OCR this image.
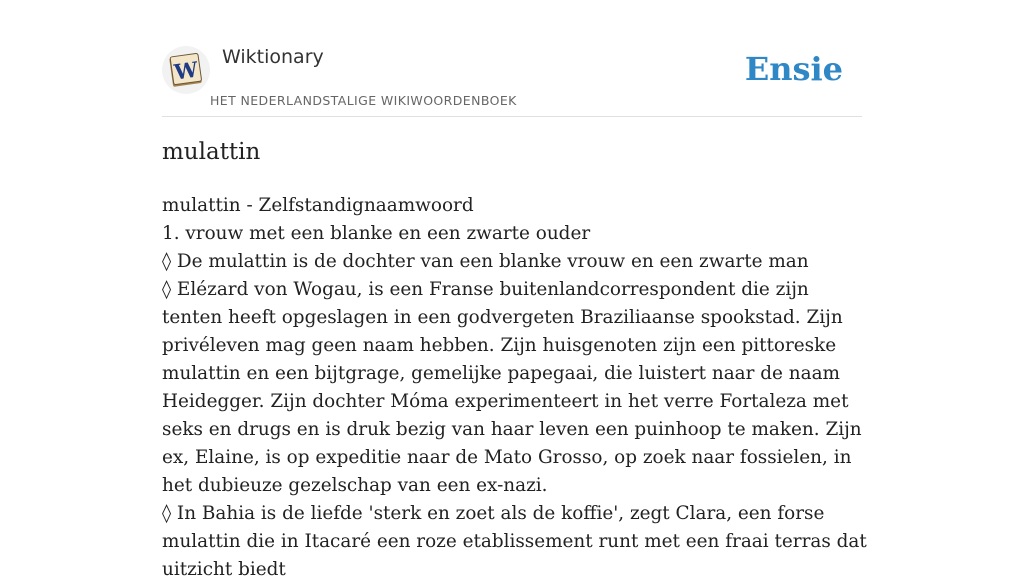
W Wiktionary
HET NEDERLANDSTALIGE WIKIWOORDENBOEK
Ensie
mulattin

mulattin - Zelfstandignaamwoord

1. vrouw met een blanke en een zwarte ouder

◊ De mulattin is de dochter van een blanke vrouw en een zwarte man

◊ Elézard von Wogau, is een Franse buitenlandcorrespondent die zijn tenten heeft opgeslagen in een godvergeten Braziliaanse spookstad. Zijn privéleven mag geen naam hebben. Zijn huisgenoten zijn een pittoreske mulattin en een bijtgrage, gemelijke papegaai, die luistert naar de naam Heidegger. Zijn dochter Móma experimenteert in het verre Fortaleza met seks en drugs en is druk bezig van haar leven een puinhoop te maken. Zijn ex, Elaine, is op expeditie naar de Mato Grosso, op zoek naar fossielen, in het dubieuze gezelschap van een ex-nazi.

◊ In Bahia is de liefde 'sterk en zoet als de koffie', zegt Clara, een forse mulattin die in Itacaré een roze etablissement runt met een fraai terras dat uitzicht biedt
